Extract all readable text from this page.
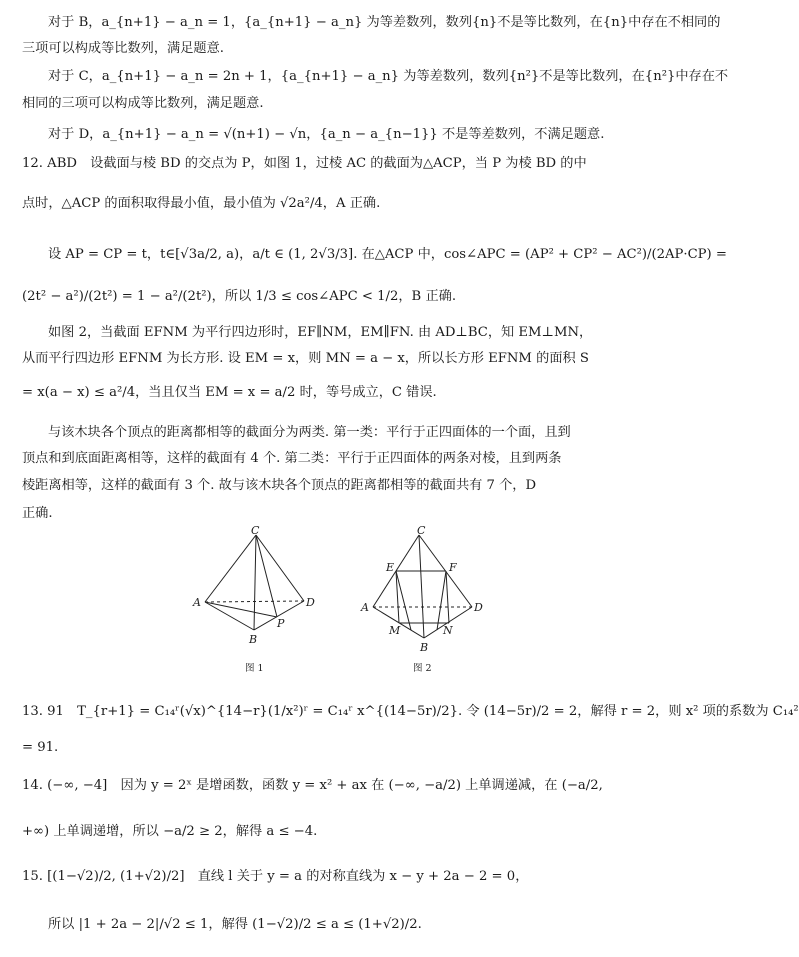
对于 B，a_{n+1} − a_n = 1，{a_{n+1} − a_n} 为等差数列，数列{n}不是等比数列，在{n}中存在不相同的
三项可以构成等比数列，满足题意.
对于 C，a_{n+1} − a_n = 2n + 1，{a_{n+1} − a_n} 为等差数列，数列{n²}不是等比数列，在{n²}中存在不
相同的三项可以构成等比数列，满足题意.
对于 D，a_{n+1} − a_n = √(n+1) − √n，{a_n − a_{n−1}} 不是等差数列，不满足题意.
12. ABD　设截面与棱 BD 的交点为 P，如图 1，过棱 AC 的截面为△ACP，当 P 为棱 BD 的中
点时，△ACP 的面积取得最小值，最小值为 √2a²/4，A 正确.
设 AP = CP = t，t∈[√3a/2, a)，a/t ∈ (1, 2√3/3]. 在△ACP 中，cos∠APC = (AP² + CP² − AC²)/(2AP·CP) =
(2t² − a²)/(2t²) = 1 − a²/(2t²)，所以 1/3 ≤ cos∠APC < 1/2，B 正确.
如图 2，当截面 EFNM 为平行四边形时，EF∥NM，EM∥FN. 由 AD⊥BC，知 EM⊥MN，
从而平行四边形 EFNM 为长方形. 设 EM = x，则 MN = a − x，所以长方形 EFNM 的面积 S
= x(a − x) ≤ a²/4，当且仅当 EM = x = a/2 时，等号成立，C 错误.
与该木块各个顶点的距离都相等的截面分为两类. 第一类：平行于正四面体的一个面，且到
顶点和到底面距离相等，这样的截面有 4 个. 第二类：平行于正四面体的两条对棱，且到两条
棱距离相等，这样的截面有 3 个. 故与该木块各个顶点的距离都相等的截面共有 7 个，D
正确.
C
A	D
B
P
图 1
C
E	F
A	D
M
B
N
图 2
13. 91　T_{r+1} = C₁₄ʳ(√x)^{14−r}(1/x²)ʳ = C₁₄ʳ x^{(14−5r)/2}. 令 (14−5r)/2 = 2，解得 r = 2，则 x² 项的系数为 C₁₄²
= 91.
14. (−∞, −4]　因为 y = 2ˣ 是增函数，函数 y = x² + ax 在 (−∞, −a/2) 上单调递减，在 (−a/2,
+∞) 上单调递增，所以 −a/2 ≥ 2，解得 a ≤ −4.
15. [(1−√2)/2, (1+√2)/2]　直线 l 关于 y = a 的对称直线为 x − y + 2a − 2 = 0，
所以 |1 + 2a − 2|/√2 ≤ 1，解得 (1−√2)/2 ≤ a ≤ (1+√2)/2.
